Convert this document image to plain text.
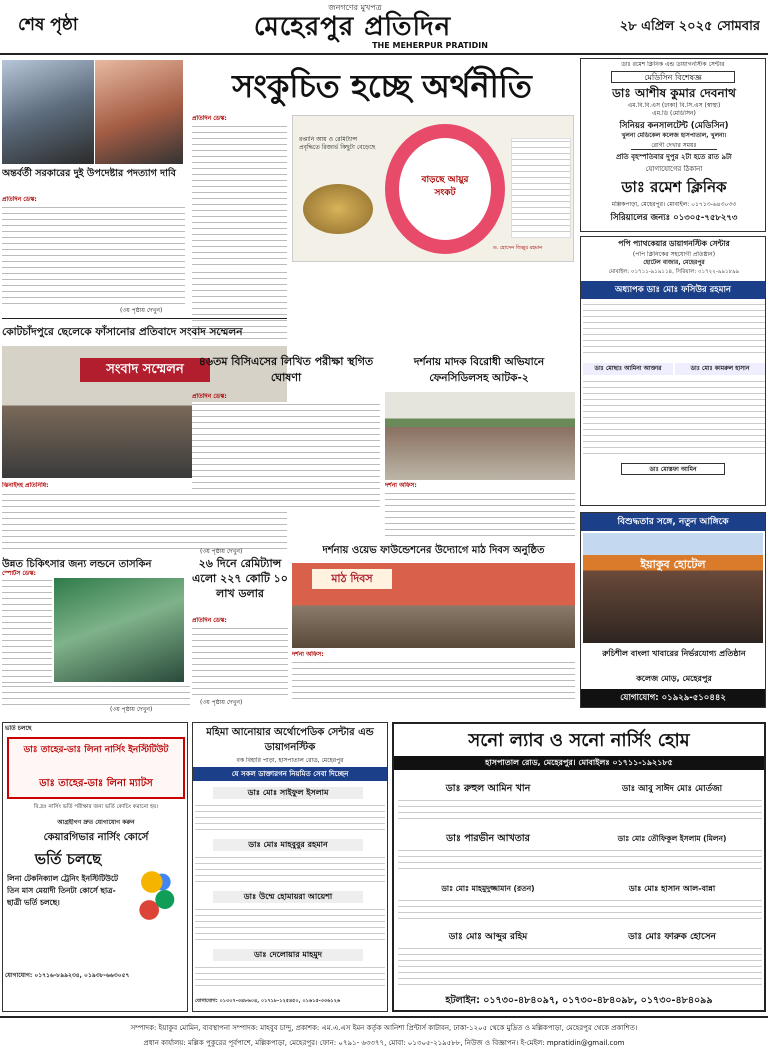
শেষ পৃষ্ঠা
জনগণের মুখপত্র
মেহেরপুর প্রতিদিন
THE MEHERPUR PRATIDIN
২৮ এপ্রিল ২০২৫ সোমবার
অন্তর্বর্তী সরকারের দুই উপদেষ্টার পদত্যাগ দাবি
প্রতিদিন ডেস্ক:
(৩য় পৃষ্ঠায় দেখুন)
সংকুচিত হচ্ছে অর্থনীতি
প্রতিদিন ডেস্ক:
রপ্তানি আয় ও রেমিট্যান্স প্রবৃদ্ধিতে রিজার্ভ কিছুটা বেড়েছে
বাড়ছে আয়ুর সংকট
ড. হোসেন জিল্লুর রহমান
কোটচাঁদপুরে ছেলেকে ফাঁসানোর প্রতিবাদে সংবাদ সম্মেলন
সংবাদ সম্মেলন
ঝিনাইদহ প্রতিনিধি:
(৩য় পৃষ্ঠায় দেখুন)
৪৬তম বিসিএসের লিখিত পরীক্ষা স্থগিত ঘোষণা
প্রতিদিন ডেস্ক:
দর্শনায় মাদক বিরোধী অভিযানে ফেনসিডিলসহ আটক-২
দর্শনা অফিস:
দর্শনায় ওয়েভ ফাউন্ডেশনের উদ্যোগে মাঠ দিবস অনুষ্ঠিত
মাঠ দিবস
দর্শনা অফিস:
উন্নত চিকিৎসার জন্য লন্ডনে তাসকিন
স্পোর্টস ডেস্ক:
(৩য় পৃষ্ঠায় দেখুন)
২৬ দিনে রেমিট্যান্স এলো ২২৭ কোটি ১০ লাখ ডলার
প্রতিদিন ডেস্ক:
(৩য় পৃষ্ঠায় দেখুন)
ডাঃ রমেশ ক্লিনিক এন্ড ডায়াগনস্টিক সেন্টার
মেডিসিন বিশেষজ্ঞ
ডাঃ আশীষ কুমার দেবনাথ
এম.বি.বি.এস (ঢাকা) বি.সি.এস (স্বাস্থ্য)
এম.ডি (মেডিসিন)
সিনিয়র কনসালটেন্ট (মেডিসিন)
খুলনা মেডিকেল কলেজ হাসপাতাল, খুলনা।
রোগী দেখার সময়ঃ
প্রতি বৃহস্পতিবার দুপুর ২টা হতে রাত ৯টা
যোগাযোগের ঠিকানা
ডাঃ রমেশ ক্লিনিক
মল্লিকপাড়া, মেহেরপুর। মোবাইল: ০১৭১৩-৬৪৩০৩৩
সিরিয়ালের জন্যঃ ০১৩০৫-৭৫৮২৭৩
পপি প্যাথকেয়ার ডায়াগনস্টিক সেন্টার
(পপি ক্লিনিকের সহযোগী প্রতিষ্ঠান)
হোটেল বাজার, মেহেরপুর
মোবাইল: ০১৭১১-৯১৯১১৪, সিরিয়াল: ০১৭২২-৯৯১৮৯৯
অধ্যাপক ডাঃ মোঃ ফসিউর রহমান
ডাঃ মোছাঃ আমিনা আক্তার	ডাঃ মোঃ কামরুল হাসান
ডাঃ মোস্তফা আমিন
বিশুদ্ধতার সঙ্গে, নতুন আঙ্গিকে
ইয়াকুব হোটেল
রুচিশীল বাংলা খাবারের নির্ভরযোগ্য প্রতিষ্ঠান
কলেজ মোড়, মেহেরপুর
যোগাযোগ: ০১৯২৯-৫১০৪৪২
ভর্তি চলছে
ডাঃ তাহের-ডাঃ লিনা নার্সিং ইনস্টিটিউট
ডাঃ তাহের-ডাঃ লিনা ম্যাটস
বি.দ্রঃ নার্সিং ভর্তি পরীক্ষার জন্য ভর্তি কোচিং করানো হয়।
আগ্রহীগণ দ্রুত যোগাযোগ করুন
কেয়ারগিভার নার্সিং কোর্সে
ভর্তি চলছে
লিনা টেকনিক্যাল ট্রেনিং ইনস্টিটিউটে তিন মাস মেয়াদী তিনটা কোর্সে ছাত্র-ছাত্রী ভর্তি চলছে।
যোগাযোগ: ০১৭১৬-৮৯৯২৩৪, ০১৯৩৮-৬৬৩০৫৭
মহিমা আনোয়ার অর্থোপেডিক সেন্টার এন্ড ডায়াগনস্টিক
বক বিহারি পাড়া, হাসপাতাল রোড, মেহেরপুর
যে সকল ডাক্তারগন নিয়মিত সেবা দিচ্ছেন
ডাঃ মোঃ সাইফুল ইসলাম
ডাঃ মোঃ মাহবুবুর রহমান
ডাঃ উম্মে হোমায়রা আয়েশা
ডাঃ দেলোয়ার মাহমুদ
যোগাযোগ: ০১৩০৭-৩৪৮৬০৪, ০১৭১৮-১২৫৪৫০, ০১৬১৫-৩৩৬১২৬
সনো ল্যাব ও সনো নার্সিং হোম
হাসপাতাল রোড, মেহেরপুর। মোবাইলঃ ০১৭১১-১৯২১৮৫
ডাঃ রুহুল আমিন খান	ডাঃ আবু সাঈদ মোঃ মোর্তজা
ডাঃ পারভীন আখতার	ডাঃ মোঃ তৌফিকুল ইসলাম (মিলন)
ডাঃ মোঃ মাহমুদুজ্জামান (রতন)	ডাঃ মোঃ হাসান আল-বান্না
ডাঃ মোঃ আব্দুর রহিম	ডাঃ মোঃ ফারুক হোসেন
হটলাইন: ০১৭৩০-৪৮৪০৯৭, ০১৭৩০-৪৮৪০৯৮, ০১৭৩০-৪৮৪০৯৯
সম্পাদক: ইয়াকুব মোমিন, ব্যবস্থাপনা সম্পাদক: মাহবুব চান্দু, প্রকাশক: এম.এ.এস ইমন কর্তৃক আনিশা প্রিন্টার্স কাটাবন, ঢাকা-১২০৫ থেকে মুদ্রিত ও মল্লিকপাড়া, মেহেরপুর থেকে প্রকাশিত।
প্রধান কার্যালয়: মল্লিক পুকুরের পূর্বপাশে, মল্লিকপাড়া, মেহেরপুর। ফোন: ০৭৯১- ৬৩৩৭৭, মোবা: ০১৩০৫-২১৯৫৮৮, নিউজ ও বিজ্ঞাপন। ই-মেইল: mpratidin@gmail.com
